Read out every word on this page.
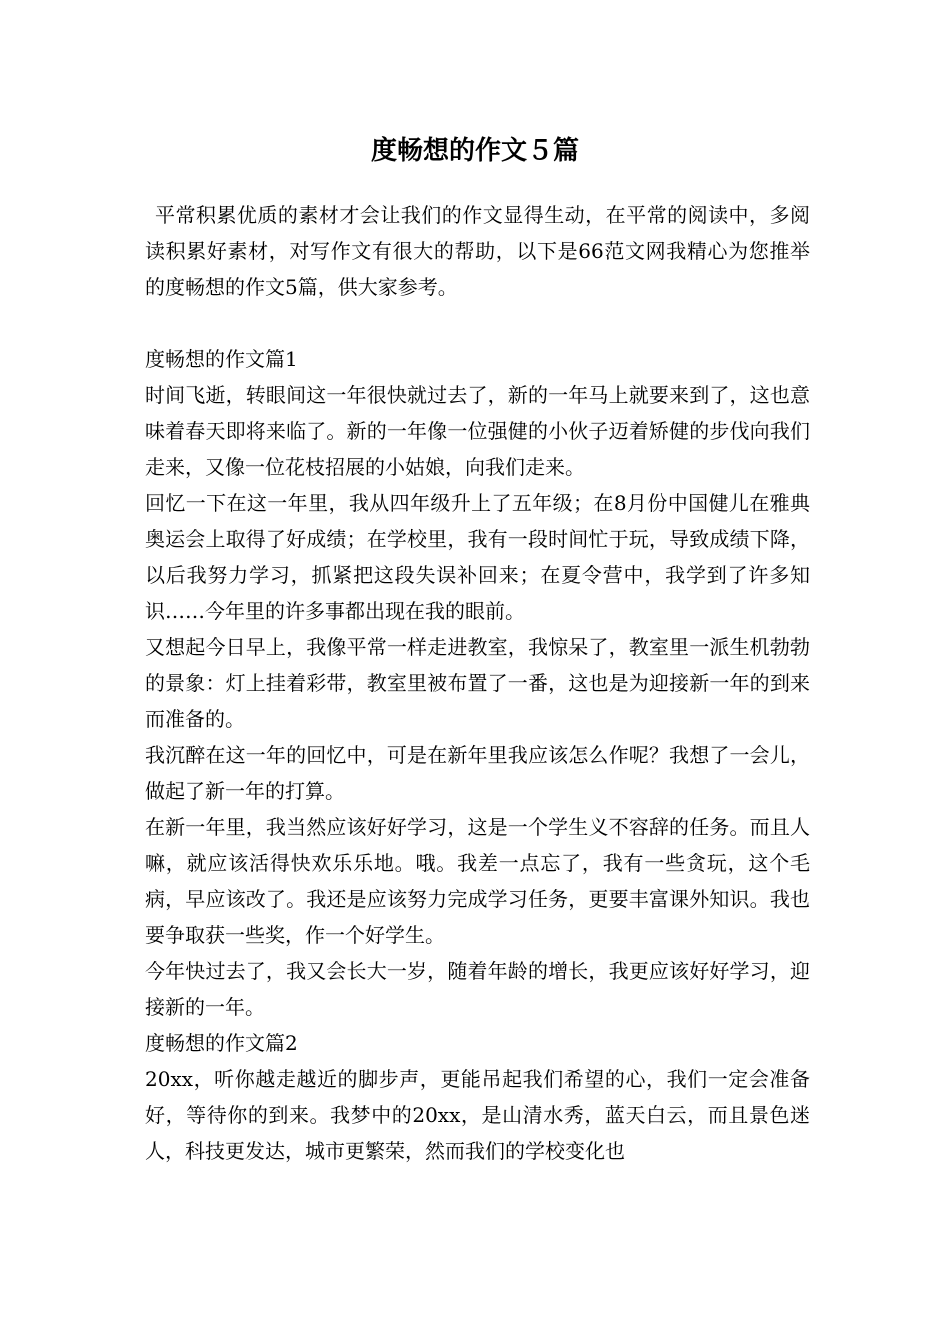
度畅想的作文５篇

平常积累优质的素材才会让我们的作文显得生动，在平常的阅读中，多阅读积累好素材，对写作文有很大的帮助，以下是66范文网我精心为您推举的度畅想的作文5篇，供大家参考。

度畅想的作文篇1

时间飞逝，转眼间这一年很快就过去了，新的一年马上就要来到了，这也意味着春天即将来临了。新的一年像一位强健的小伙子迈着矫健的步伐向我们走来，又像一位花枝招展的小姑娘，向我们走来。

回忆一下在这一年里，我从四年级升上了五年级；在8月份中国健儿在雅典奥运会上取得了好成绩；在学校里，我有一段时间忙于玩，导致成绩下降，以后我努力学习，抓紧把这段失误补回来；在夏令营中，我学到了许多知识……今年里的许多事都出现在我的眼前。

又想起今日早上，我像平常一样走进教室，我惊呆了，教室里一派生机勃勃的景象：灯上挂着彩带，教室里被布置了一番，这也是为迎接新一年的到来而准备的。

我沉醉在这一年的回忆中，可是在新年里我应该怎么作呢？我想了一会儿，做起了新一年的打算。

在新一年里，我当然应该好好学习，这是一个学生义不容辞的任务。而且人嘛，就应该活得快欢乐乐地。哦。我差一点忘了，我有一些贪玩，这个毛病，早应该改了。我还是应该努力完成学习任务，更要丰富课外知识。我也要争取获一些奖，作一个好学生。

今年快过去了，我又会长大一岁，随着年龄的增长，我更应该好好学习，迎接新的一年。

度畅想的作文篇2

20xx，听你越走越近的脚步声，更能吊起我们希望的心，我们一定会准备好，等待你的到来。我梦中的20xx，是山清水秀，蓝天白云，而且景色迷人，科技更发达，城市更繁荣，然而我们的学校变化也
